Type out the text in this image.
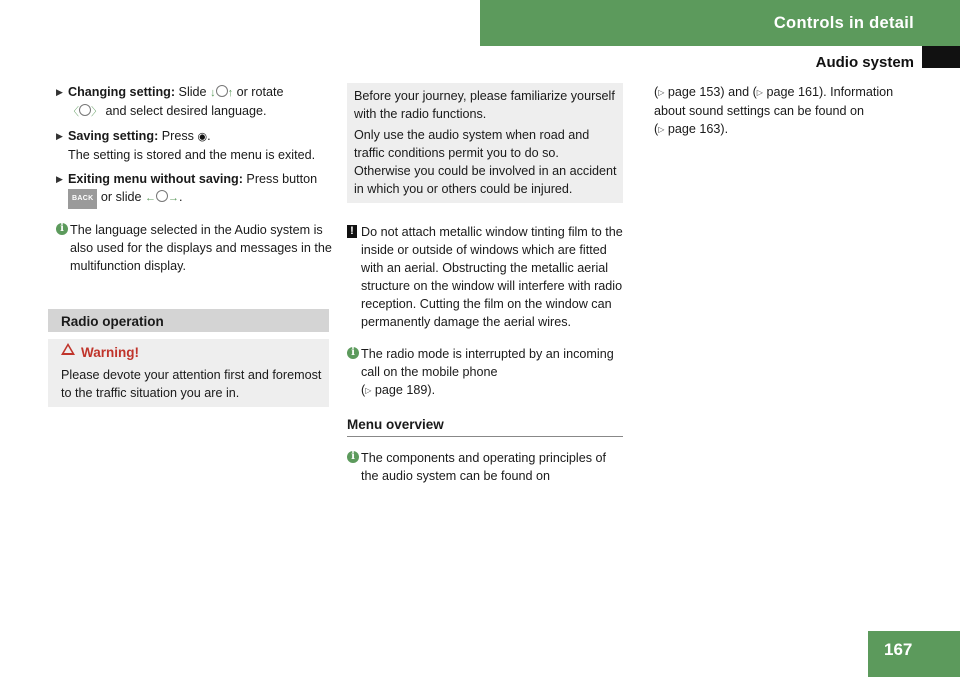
Controls in detail
Audio system
▶ Changing setting: Slide ↓ ↑ or rotate
〈 〉 and select desired language.
▶ Saving setting: Press ◉.
The setting is stored and the menu is exited.
▶ Exiting menu without saving: Press button BACK or slide ← →.
i The language selected in the Audio system is also used for the displays and messages in the multifunction display.
Radio operation
Warning!
Please devote your attention first and foremost to the traffic situation you are in.

Before your journey, please familiarize yourself with the radio functions.

Only use the audio system when road and traffic conditions permit you to do so. Otherwise you could be involved in an accident in which you or others could be injured.

! Do not attach metallic window tinting film to the inside or outside of windows which are fitted with an aerial. Obstructing the metallic aerial structure on the window will interfere with radio reception. Cutting the film on the window can permanently damage the aerial wires.
i The radio mode is interrupted by an incoming call on the mobile phone
(▷ page 189).
Menu overview
i The components and operating principles of the audio system can be found on
(▷ page 153) and (▷ page 161). Information about sound settings can be found on
(▷ page 163).
167
